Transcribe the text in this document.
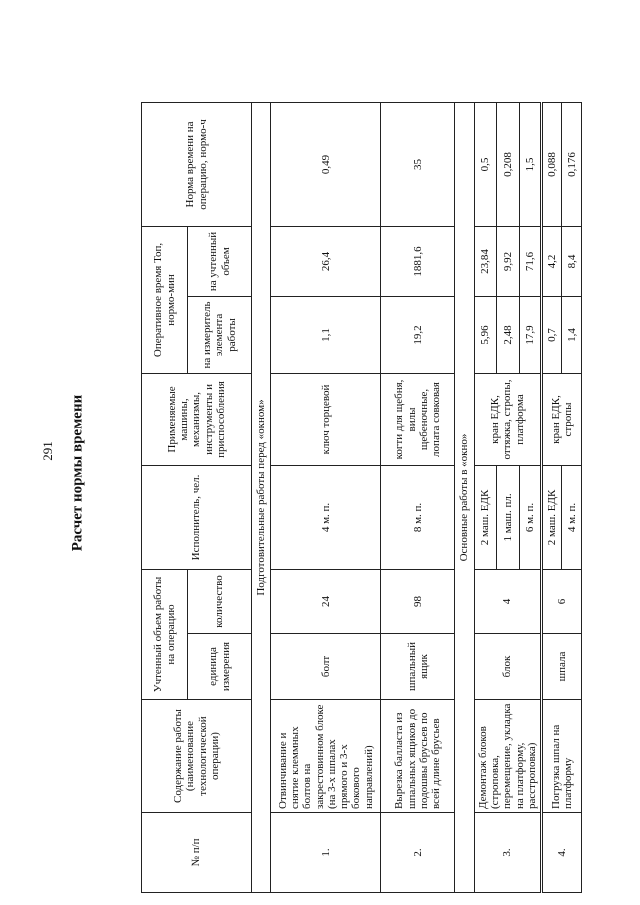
291 Расчет нормы времени
№ п/п	Содержание работы (наименование технологической операции)	Учтенный объем работы на операцию		Исполнитель, чел.	Применяемые машины, механизмы, инструменты и приспособления	Оперативное время Топ, нормо-мин		Норма времени на операцию, нормо-ч
		единица измерения	количество			на измеритель элемента работы	на учтенный объем	
Подготовительные работы перед «окном»								
1.	Отвинчивание и снятие клеммных болтов на закрестовинном блоке (на 3-х шпалах прямого и 3-х бокового направлений)	болт	24	4 м. п.	ключ торцевой	1,1	26,4	0,49
2.	Вырезка балласта из шпальных ящиков до подошвы брусьев по всей длине брусьев	шпальный ящик	98	8 м. п.	когти для щебня, вилы щебеночные, лопата совковая	19,2	1881,6	35
Основные работы в «окно»								
3.	Демонтаж блоков (строповка, перемещение, укладка на платформу, расстроповка)	блок	4	2 маш. ЕДК	кран ЕДК, оттяжка, стропы, платформа	5,96	23,84	0,5
				1 маш. пл.		2,48	9,92	0,208
				6 м. п.		17,9	71,6	1,5
4.	Погрузка шпал на платформу	шпала	6	2 маш. ЕДК	кран ЕДК, стропы	0,7	4,2	0,088
				4 м. п.		1,4	8,4	0,176
